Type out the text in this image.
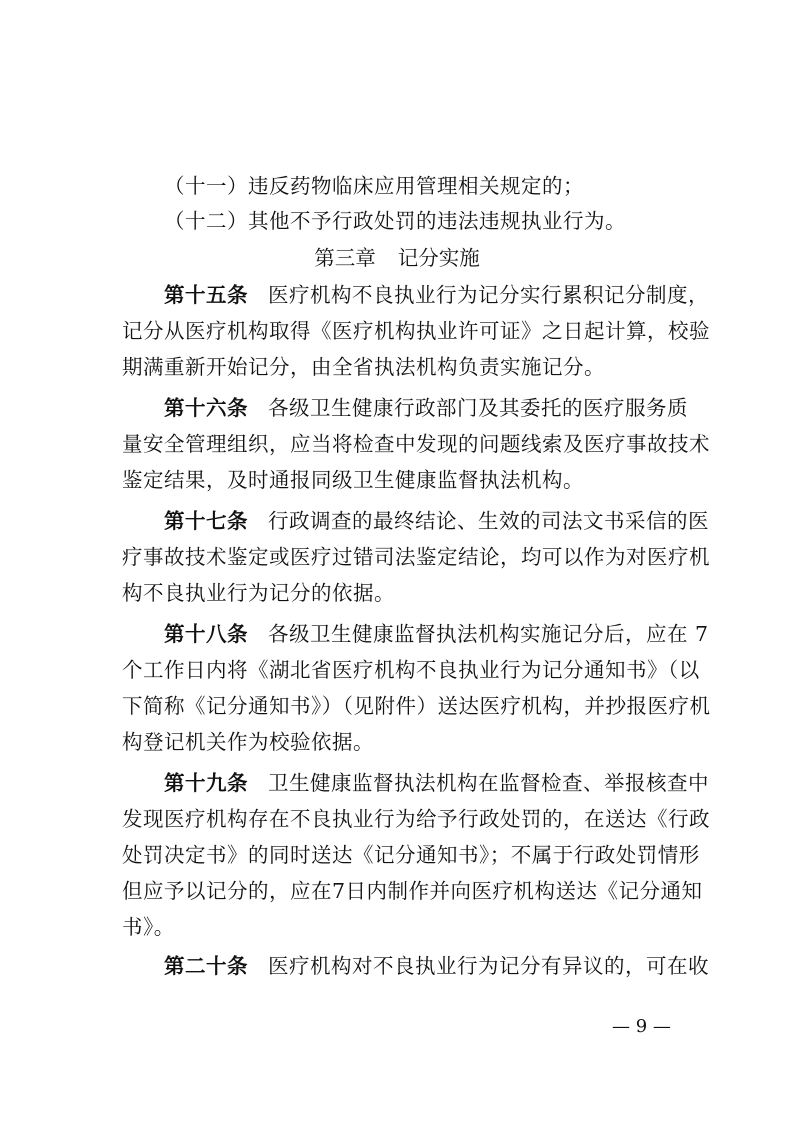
（十一）违反药物临床应用管理相关规定的；
（十二）其他不予行政处罚的违法违规执业行为。
第三章 记分实施
第十五条 医疗机构不良执业行为记分实行累积记分制度，
记分从医疗机构取得《医疗机构执业许可证》之日起计算，校验
期满重新开始记分，由全省执法机构负责实施记分。
第十六条 各级卫生健康行政部门及其委托的医疗服务质
量安全管理组织，应当将检查中发现的问题线索及医疗事故技术
鉴定结果，及时通报同级卫生健康监督执法机构。
第十七条 行政调查的最终结论、生效的司法文书采信的医
疗事故技术鉴定或医疗过错司法鉴定结论，均可以作为对医疗机
构不良执业行为记分的依据。
第十八条 各级卫生健康监督执法机构实施记分后，应在 7
个工作日内将《湖北省医疗机构不良执业行为记分通知书》（以
下简称《记分通知书》）（见附件）送达医疗机构，并抄报医疗机
构登记机关作为校验依据。
第十九条 卫生健康监督执法机构在监督检查、举报核查中
发现医疗机构存在不良执业行为给予行政处罚的，在送达《行政
处罚决定书》的同时送达《记分通知书》；不属于行政处罚情形
但应予以记分的，应在7日内制作并向医疗机构送达《记分通知
书》。
第二十条 医疗机构对不良执业行为记分有异议的，可在收
— 9 —
